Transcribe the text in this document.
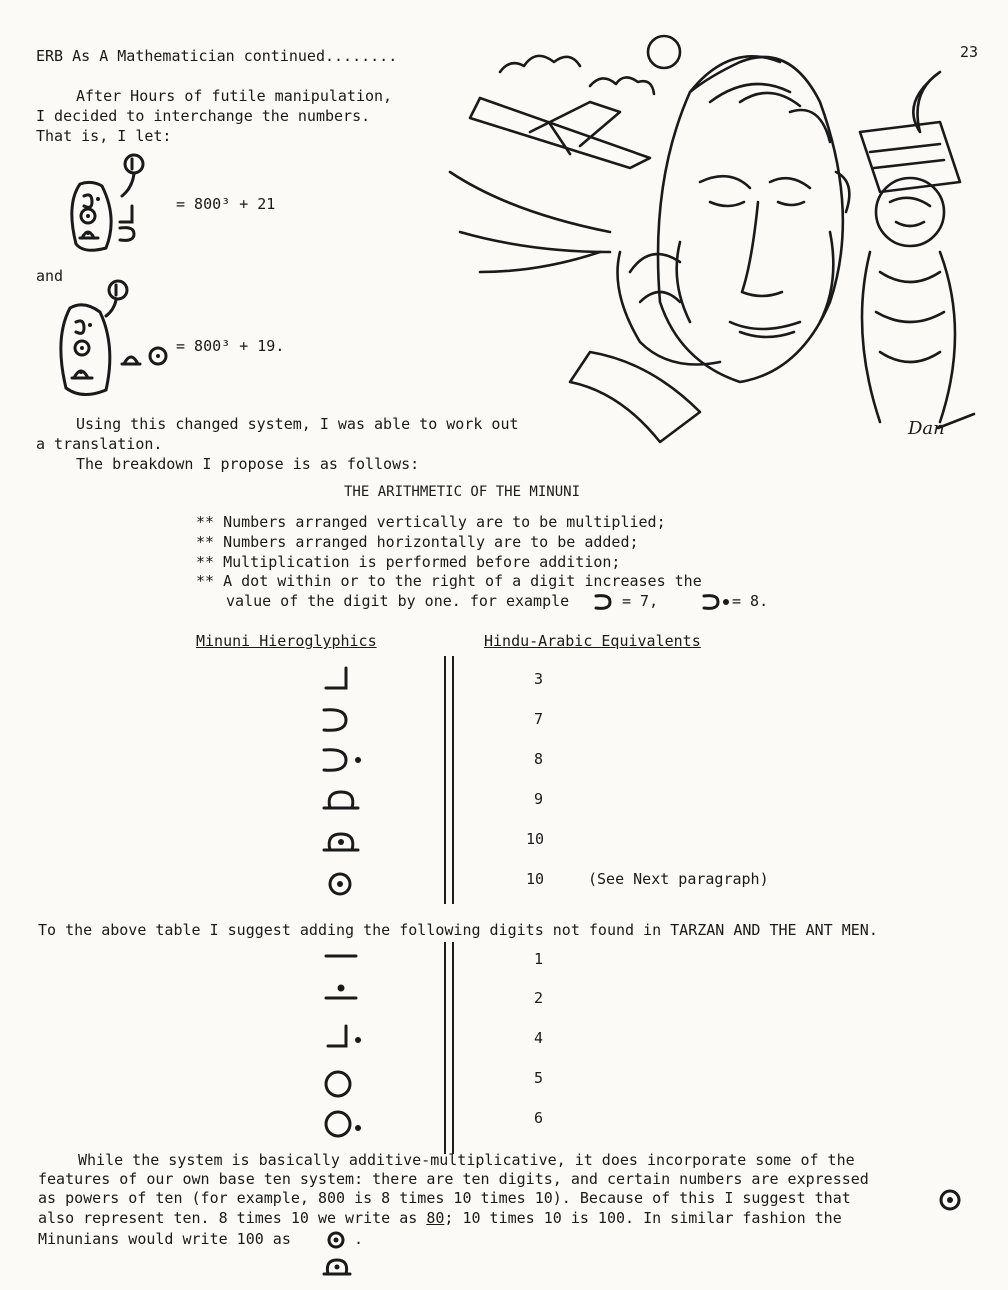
ERB As A Mathematician continued........	23
After Hours of futile manipulation,
I decided to interchange the numbers.
That is, I let:
= 800³ + 21
and
= 800³ + 19.
Dan
Using this changed system, I was able to work out
a translation.
The breakdown I propose is as follows:
THE ARITHMETIC OF THE MINUNI
** Numbers arranged vertically are to be multiplied;
** Numbers arranged horizontally are to be added;
** Multiplication is performed before addition;
** A dot within or to the right of a digit increases the
value of the digit by one. for example	= 7,	= 8.
Minuni Hieroglyphics	Hindu-Arabic Equivalents
3
7
8
9
10
10	(See Next paragraph)
To the above table I suggest adding the following digits not found in TARZAN AND THE ANT MEN.
1
2
4
5
6
While the system is basically additive-multiplicative, it does incorporate some of the
features of our own base ten system: there are ten digits, and certain numbers are expressed
as powers of ten (for example, 800 is 8 times 10 times 10). Because of this I suggest that
also represent ten. 8 times 10 we write as 80; 10 times 10 is 100. In similar fashion the
Minunians would write 100 as	.
